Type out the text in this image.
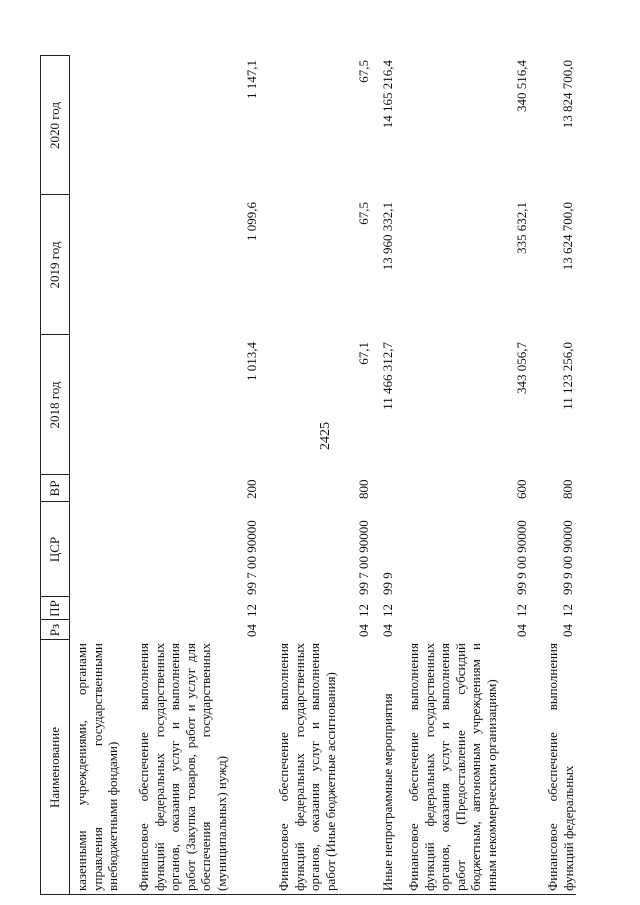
2425
Наименование
Рз
ПР
ЦСР
ВР
2018 год
2019 год
2020 год
казенными учреждениями, органами управления государственными внебюджетными фондами) Финансовое обеспечение выполнения функций федеральных государственных органов, оказания услуг и выполнения работ (Закупка товаров, работ и услуг для обеспечения государственных (муниципальных) нужд)
04
12
99 7 00 90000
200
1 013,4
1 099,6
1 147,1
Финансовое обеспечение выполнения функций федеральных государственных органов, оказания услуг и выполнения работ (Иные бюджетные ассигнования)
04
12
99 7 00 90000
800
67,1
67,5
67,5
Иные непрограммные мероприятия
04
12
99 9
11 466 312,7
13 960 332,1
14 165 216,4
Финансовое обеспечение выполнения функций федеральных государственных органов, оказания услуг и выполнения работ (Предоставление субсидий бюджетным, автономным учреждениям и иным некоммерческим организациям)
04
12
99 9 00 90000
600
343 056,7
335 632,1
340 516,4
Финансовое обеспечение выполнения функций федеральных
04
12
99 9 00 90000
800
11 123 256,0
13 624 700,0
13 824 700,0
